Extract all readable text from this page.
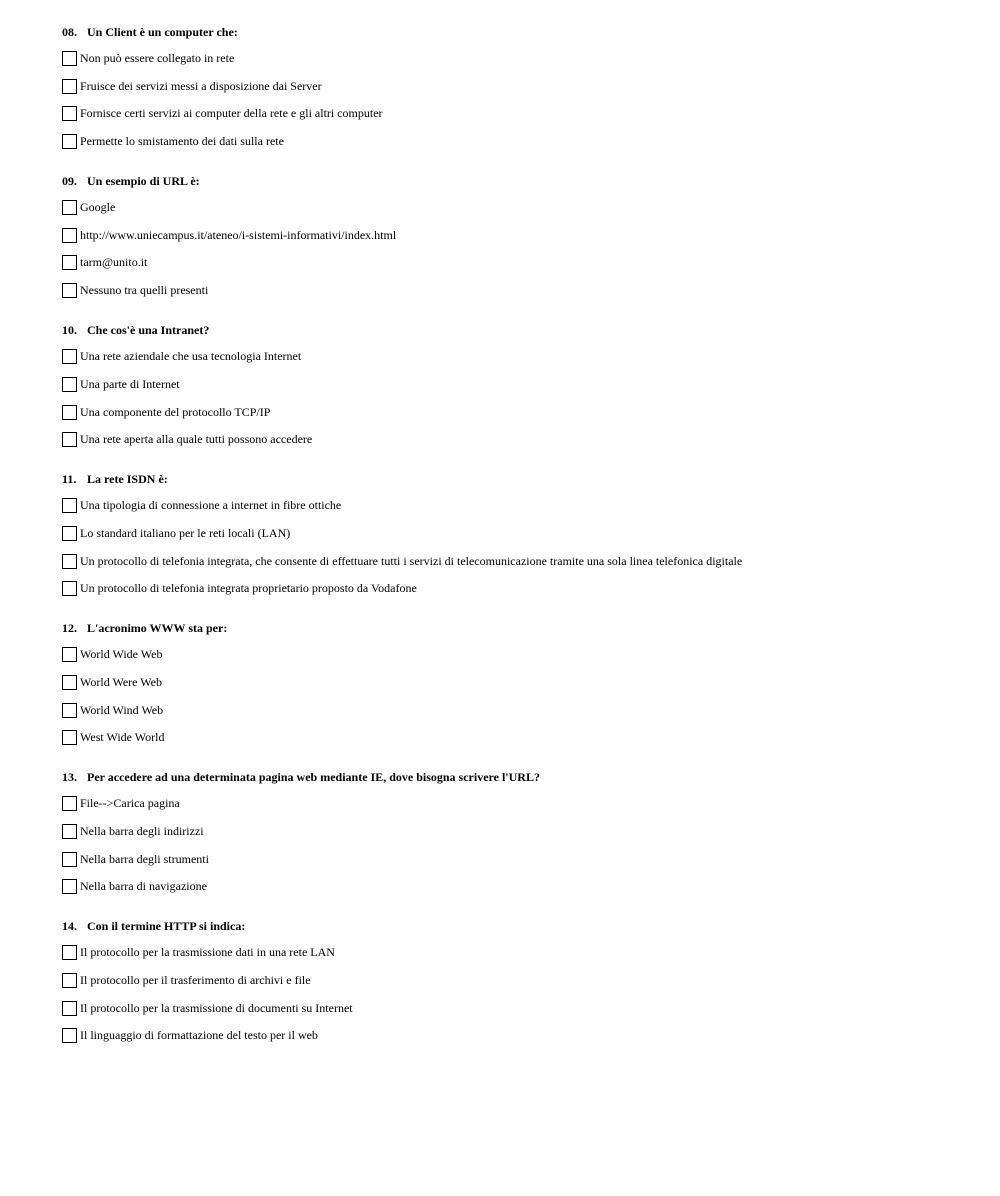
08. Un Client è un computer che:
Non può essere collegato in rete
Fruisce dei servizi messi a disposizione dai Server
Fornisce certi servizi ai computer della rete e gli altri computer
Permette lo smistamento dei dati sulla rete
09. Un esempio di URL è:
Google
http://www.uniecampus.it/ateneo/i-sistemi-informativi/index.html
tarm@unito.it
Nessuno tra quelli presenti
10. Che cos'è una Intranet?
Una rete aziendale che usa tecnologia Internet
Una parte di Internet
Una componente del protocollo TCP/IP
Una rete aperta alla quale tutti possono accedere
11. La rete ISDN è:
Una tipologia di connessione a internet in fibre ottiche
Lo standard italiano per le reti locali (LAN)
Un protocollo di telefonia integrata, che consente di effettuare tutti i servizi di telecomunicazione tramite una sola linea telefonica digitale
Un protocollo di telefonia integrata proprietario proposto da Vodafone
12. L'acronimo WWW sta per:
World Wide Web
World Were Web
World Wind Web
West Wide World
13. Per accedere ad una determinata pagina web mediante IE, dove bisogna scrivere l'URL?
File-->Carica pagina
Nella barra degli indirizzi
Nella barra degli strumenti
Nella barra di navigazione
14. Con il termine HTTP si indica:
Il protocollo per la trasmissione dati in una rete LAN
Il protocollo per il trasferimento di archivi e file
Il protocollo per la trasmissione di documenti su Internet
Il linguaggio di formattazione del testo per il web
